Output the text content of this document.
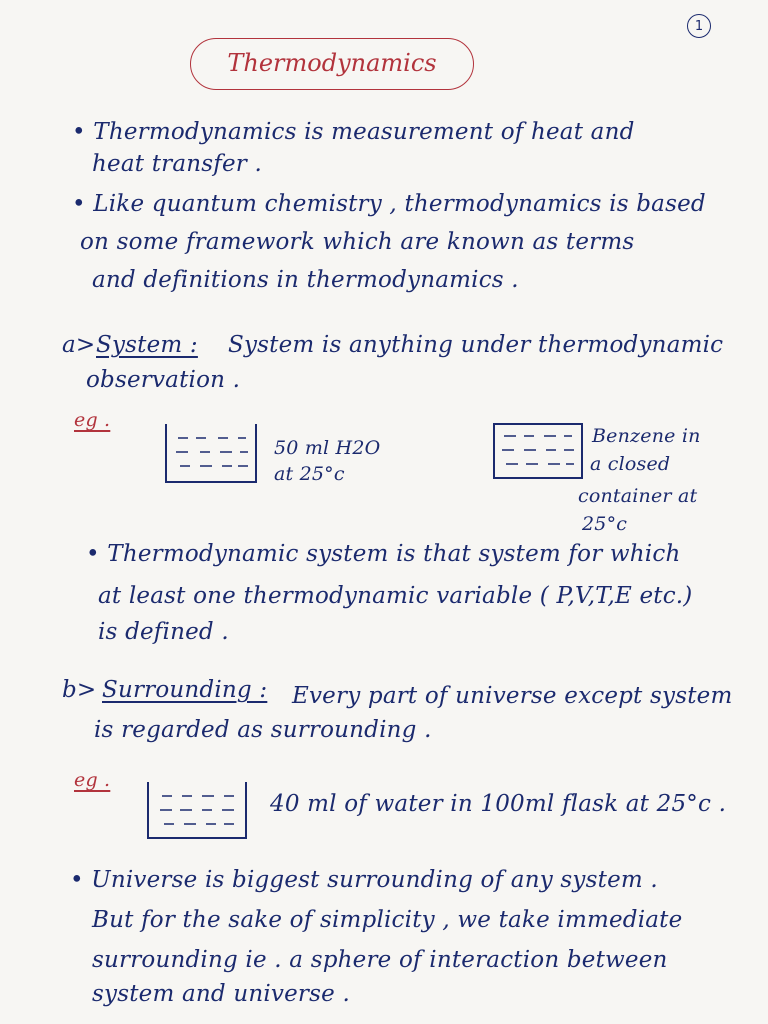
1
Thermodynamics
• Thermodynamics is measurement of heat and
heat transfer .
• Like quantum chemistry , thermodynamics is based
on some framework which are known as terms
and definitions in thermodynamics .
a> System : System is anything under thermodynamic
observation .
eg .
50 ml H2O
at 25°c
Benzene in
a closed
container at
25°c
• Thermodynamic system is that system for which
at least one thermodynamic variable ( P,V,T,E etc.)
is defined .
b> Surrounding : Every part of universe except system
is regarded as surrounding .
eg .
40 ml of water in 100ml flask at 25°c .
• Universe is biggest surrounding of any system .
But for the sake of simplicity , we take immediate
surrounding ie . a sphere of interaction between
system and universe .
